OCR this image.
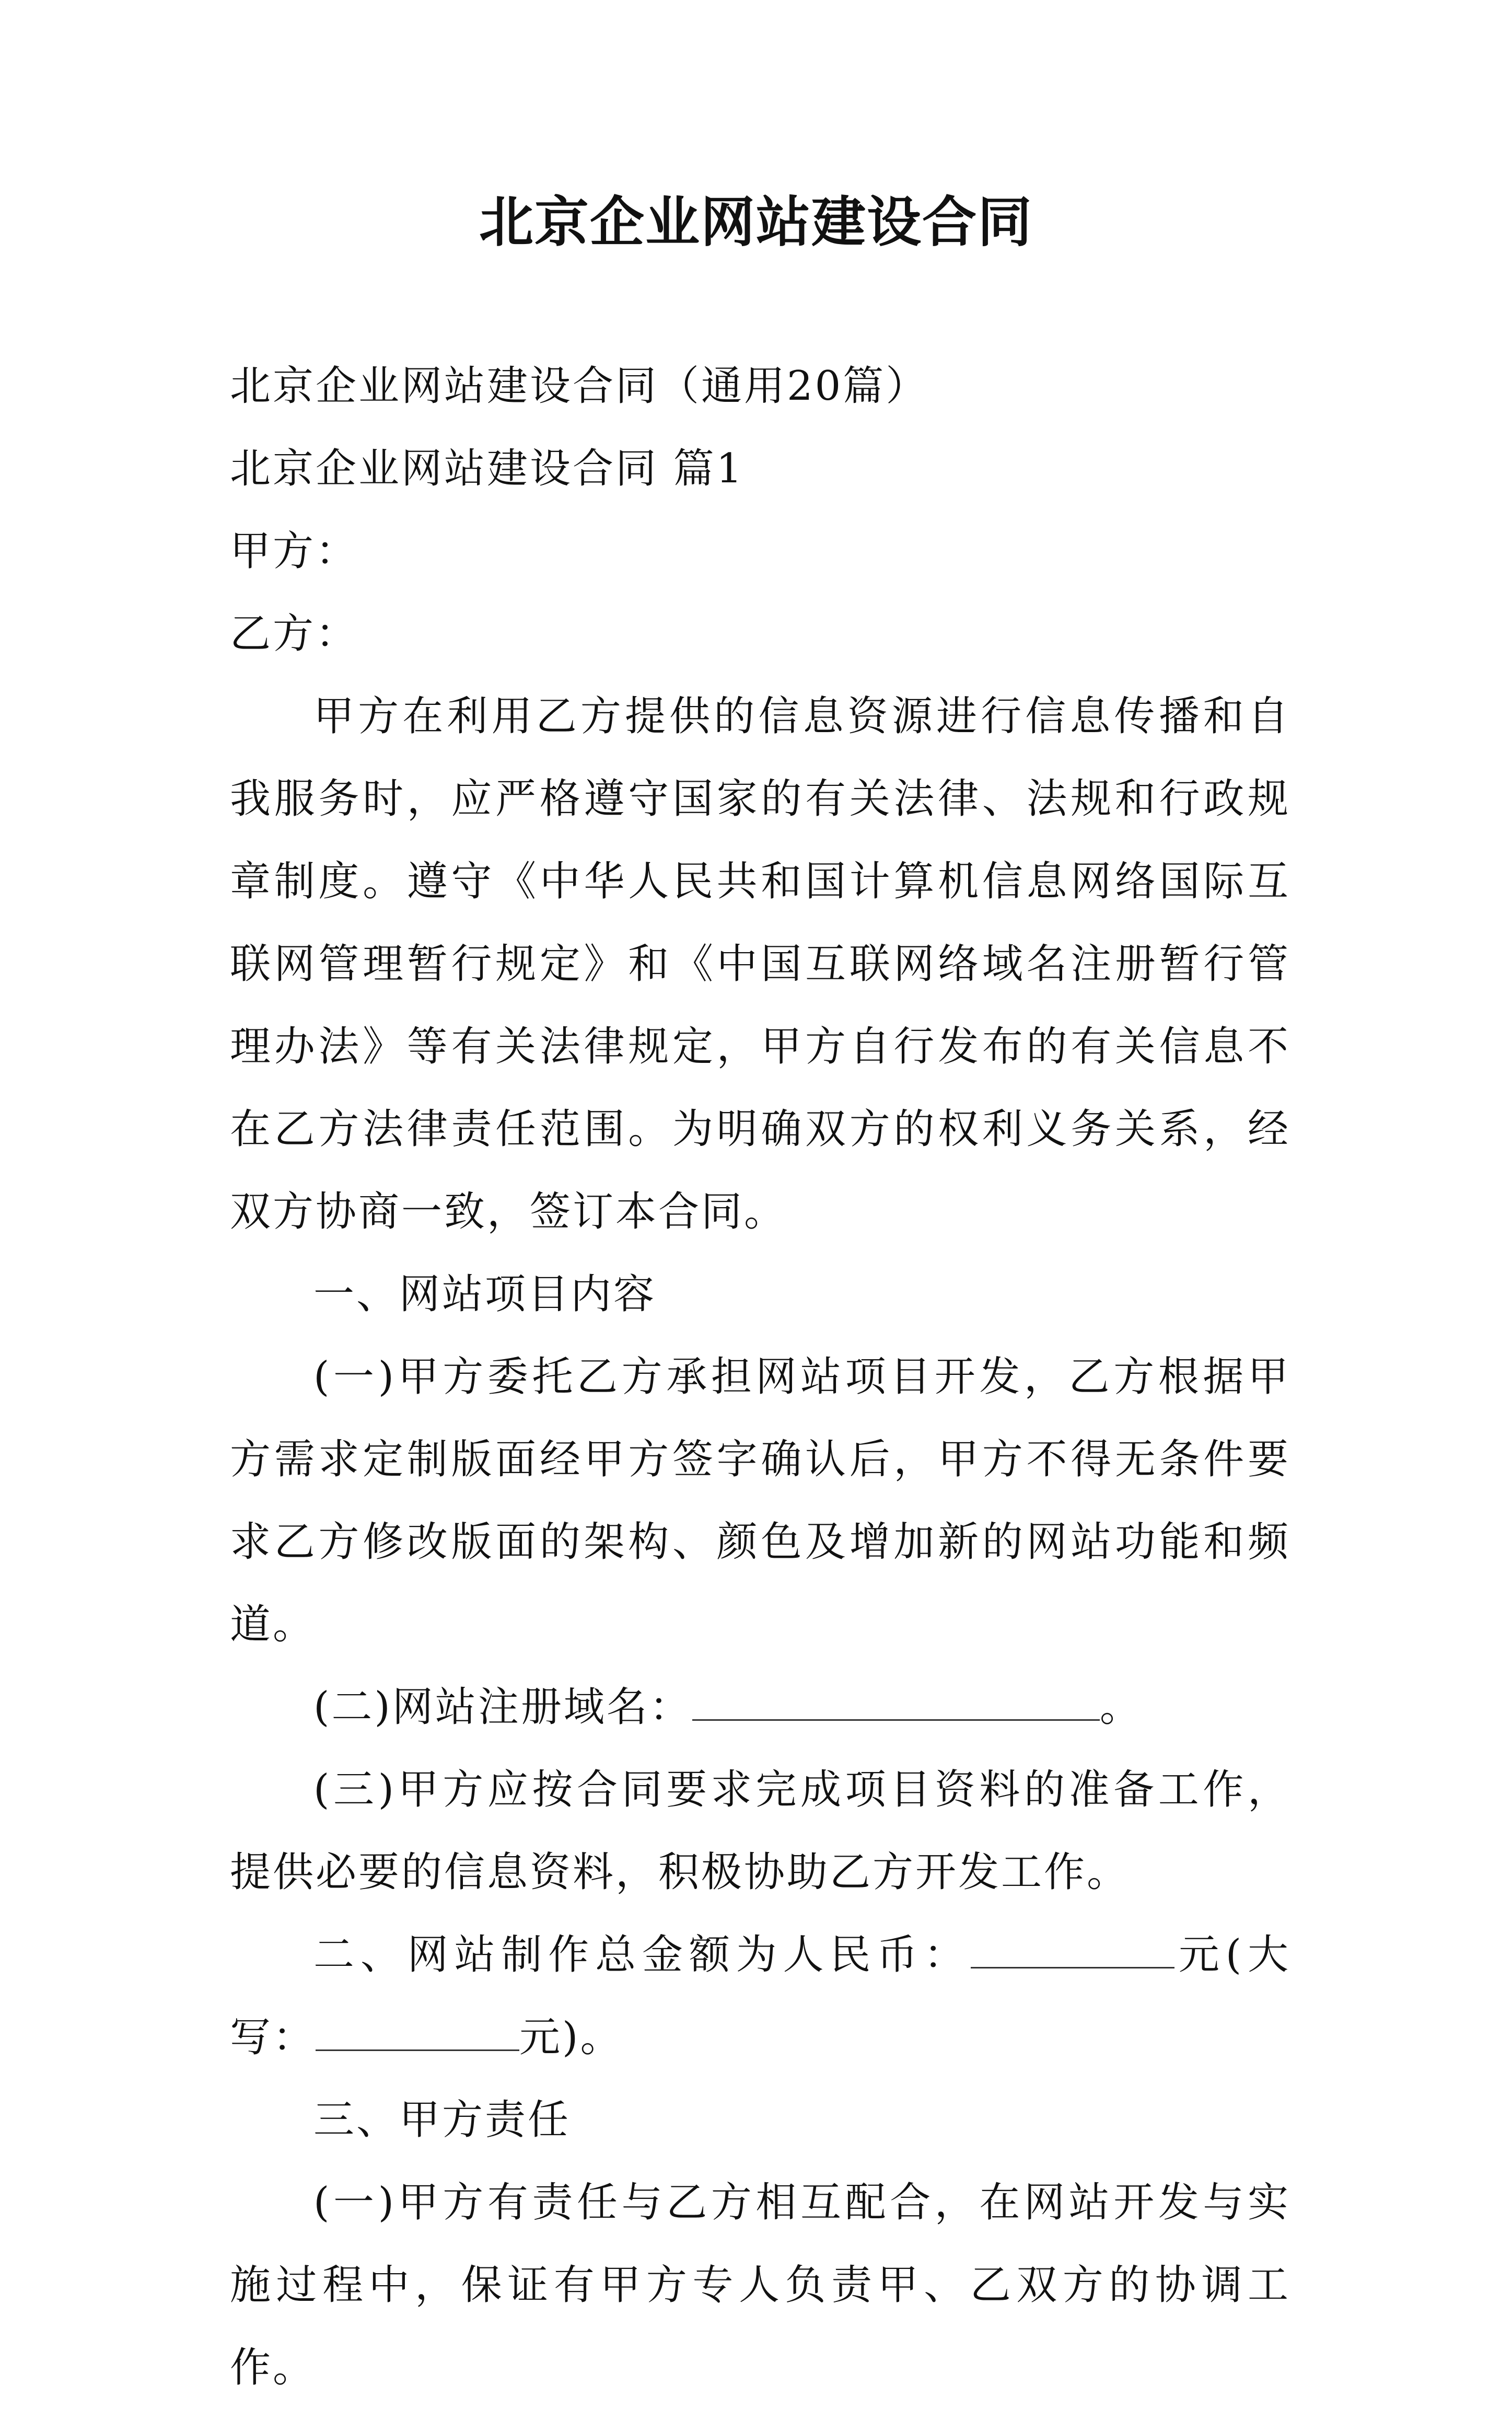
北京企业网站建设合同

北京企业网站建设合同（通用20篇）

北京企业网站建设合同 篇1

甲方：

乙方：

甲方在利用乙方提供的信息资源进行信息传播和自我服务时，应严格遵守国家的有关法律、法规和行政规章制度。遵守《中华人民共和国计算机信息网络国际互联网管理暂行规定》和《中国互联网络域名注册暂行管理办法》等有关法律规定，甲方自行发布的有关信息不在乙方法律责任范围。为明确双方的权利义务关系，经双方协商一致，签订本合同。

一、网站项目内容

(一)甲方委托乙方承担网站项目开发，乙方根据甲方需求定制版面经甲方签字确认后，甲方不得无条件要求乙方修改版面的架构、颜色及增加新的网站功能和频道。

(二)网站注册域名：	。

(三)甲方应按合同要求完成项目资料的准备工作，提供必要的信息资料，积极协助乙方开发工作。

二、网站制作总金额为人民币：	元(大写：	元)。

三、甲方责任

(一)甲方有责任与乙方相互配合，在网站开发与实施过程中，保证有甲方专人负责甲、乙双方的协调工作。
